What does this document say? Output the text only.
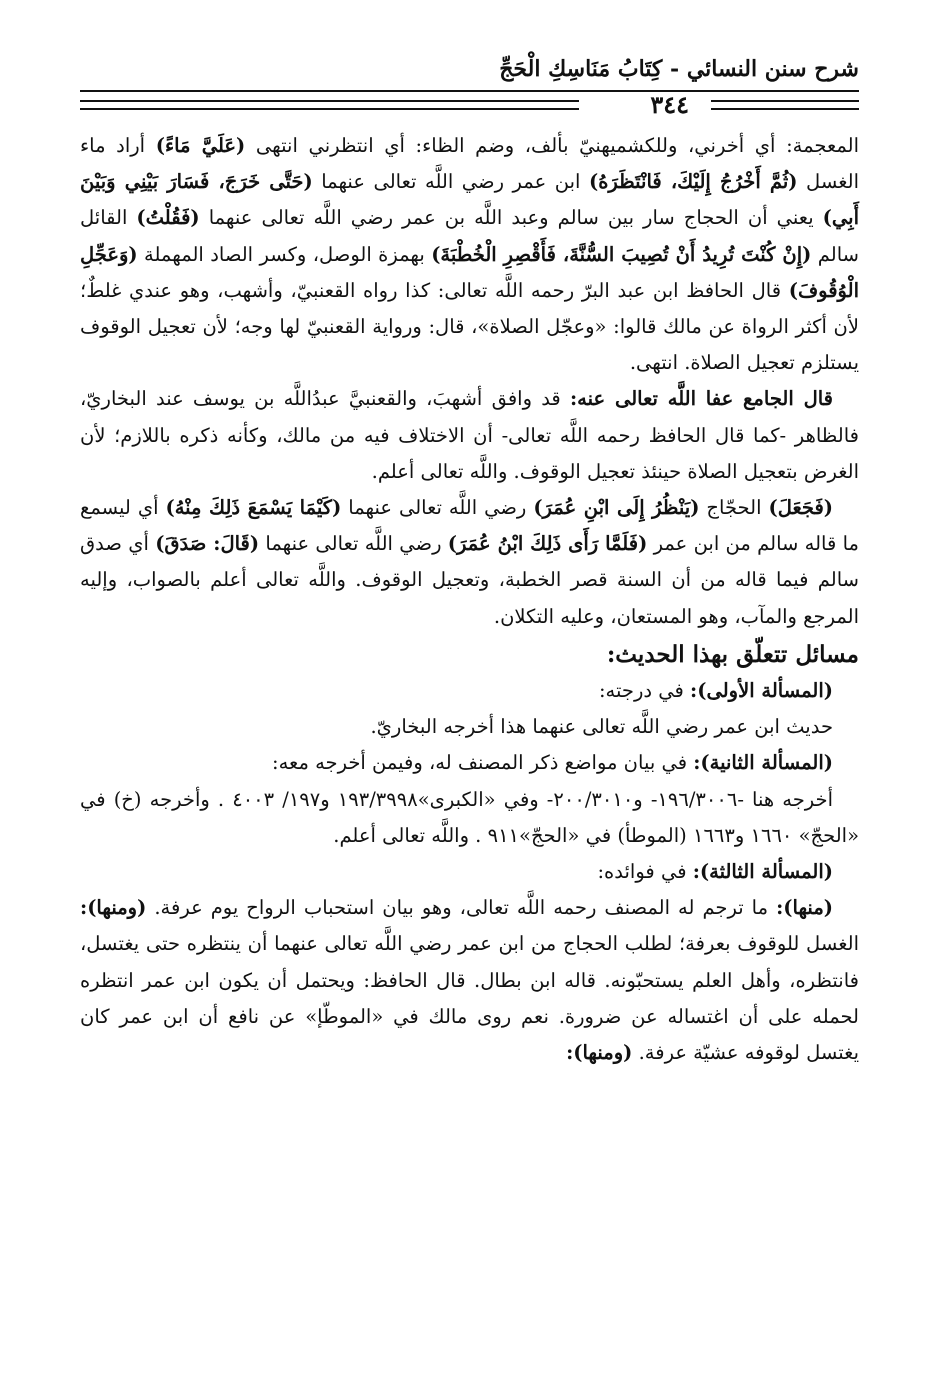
شرح سنن النسائي - كِتَابُ مَنَاسِكِ الْحَجِّ
٣٤٤

المعجمة: أي أخرني، وللكشميهنيّ بألف، وضم الظاء: أي انتظرني انتهى (عَلَيَّ مَاءً) أراد ماء الغسل (ثُمَّ أَخْرُجُ إِلَيْكَ، فَانْتَظَرَهُ) ابن عمر رضي اللَّه تعالى عنهما (حَتَّى خَرَجَ، فَسَارَ بَيْنِي وَبَيْنَ أَبِي) يعني أن الحجاج سار بين سالم وعبد اللَّه بن عمر رضي اللَّه تعالى عنهما (فَقُلْتُ) القائل سالم (إِنْ كُنْتَ تُرِيدُ أَنْ تُصِيبَ السُّنَّةَ، فَأَقْصِرِ الْخُطْبَةَ) بهمزة الوصل، وكسر الصاد المهملة (وَعَجِّلِ الْوُقُوفَ) قال الحافظ ابن عبد البرّ رحمه اللَّه تعالى: كذا رواه القعنبيّ، وأشهب، وهو عندي غلطٌ؛ لأن أكثر الرواة عن مالك قالوا: «وعجّل الصلاة»، قال: ورواية القعنبيّ لها وجه؛ لأن تعجيل الوقوف يستلزم تعجيل الصلاة. انتهى.

قال الجامع عفا اللَّه تعالى عنه: قد وافق أشهبَ، والقعنبيَّ عبدُاللَّه بن يوسف عند البخاريّ، فالظاهر -كما قال الحافظ رحمه اللَّه تعالى- أن الاختلاف فيه من مالك، وكأنه ذكره باللازم؛ لأن الغرض بتعجيل الصلاة حينئذ تعجيل الوقوف. واللَّه تعالى أعلم.

(فَجَعَلَ) الحجّاج (يَنْظُرُ إِلَى ابْنِ عُمَرَ) رضي اللَّه تعالى عنهما (كَيْمَا يَسْمَعَ ذَلِكَ مِنْهُ) أي ليسمع ما قاله سالم من ابن عمر (فَلَمَّا رَأَى ذَلِكَ ابْنُ عُمَرَ) رضي اللَّه تعالى عنهما (قَالَ: صَدَقَ) أي صدق سالم فيما قاله من أن السنة قصر الخطبة، وتعجيل الوقوف. واللَّه تعالى أعلم بالصواب، وإليه المرجع والمآب، وهو المستعان، وعليه التكلان.

مسائل تتعلّق بهذا الحديث:

(المسألة الأولى): في درجته:

حديث ابن عمر رضي اللَّه تعالى عنهما هذا أخرجه البخاريّ.

(المسألة الثانية): في بيان مواضع ذكر المصنف له، وفيمن أخرجه معه:

أخرجه هنا -١٩٦/٣٠٠٦- و٢٠٠/٣٠١٠- وفي «الكبرى»١٩٣/٣٩٩٨ و١٩٧/ ٤٠٠٣ . وأخرجه (خ) في «الحجّ» ١٦٦٠ و١٦٦٣ (الموطأ) في «الحجّ»٩١١ . واللَّه تعالى أعلم.

(المسألة الثالثة): في فوائده:

(منها): ما ترجم له المصنف رحمه اللَّه تعالى، وهو بيان استحباب الرواح يوم عرفة. (ومنها): الغسل للوقوف بعرفة؛ لطلب الحجاج من ابن عمر رضي اللَّه تعالى عنهما أن ينتظره حتى يغتسل، فانتظره، وأهل العلم يستحبّونه. قاله ابن بطال. قال الحافظ: ويحتمل أن يكون ابن عمر انتظره لحمله على أن اغتساله عن ضرورة. نعم روى مالك في «الموطّإ» عن نافع أن ابن عمر كان يغتسل لوقوفه عشيّة عرفة. (ومنها):
